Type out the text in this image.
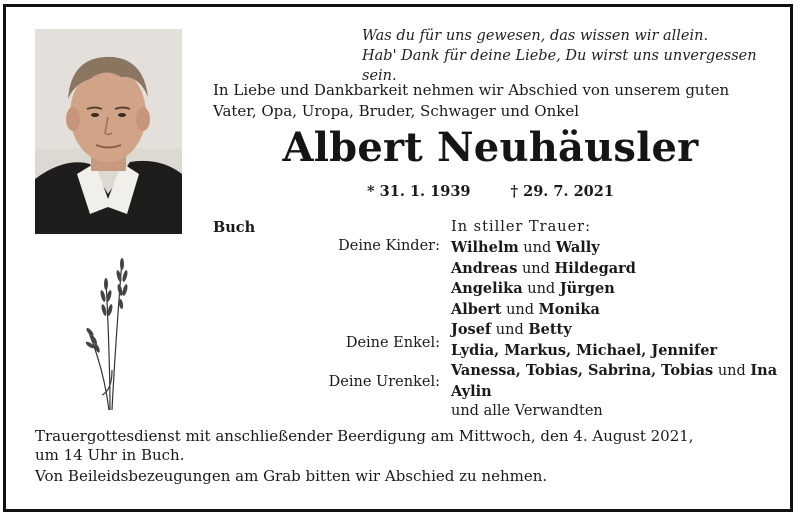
Was du für uns gewesen, das wissen wir allein.
Hab' Dank für deine Liebe, Du wirst uns unvergessen sein.
In Liebe und Dankbarkeit nehmen wir Abschied von unserem guten
Vater, Opa, Uropa, Bruder, Schwager und Onkel
Albert Neuhäusler
* 31. 1. 1939	† 29. 7. 2021
Buch	In stiller Trauer:
Deine Kinder:
Deine Enkel:
Deine Urenkel:
Wilhelm und Wally
Andreas und Hildegard
Angelika und Jürgen
Albert und Monika
Josef und Betty
Lydia, Markus, Michael, Jennifer
Vanessa, Tobias, Sabrina, Tobias und Ina
Aylin
und alle Verwandten
Trauergottesdienst mit anschließender Beerdigung am Mittwoch, den 4. August 2021,
um 14 Uhr in Buch.
Von Beileidsbezeugungen am Grab bitten wir Abschied zu nehmen.
